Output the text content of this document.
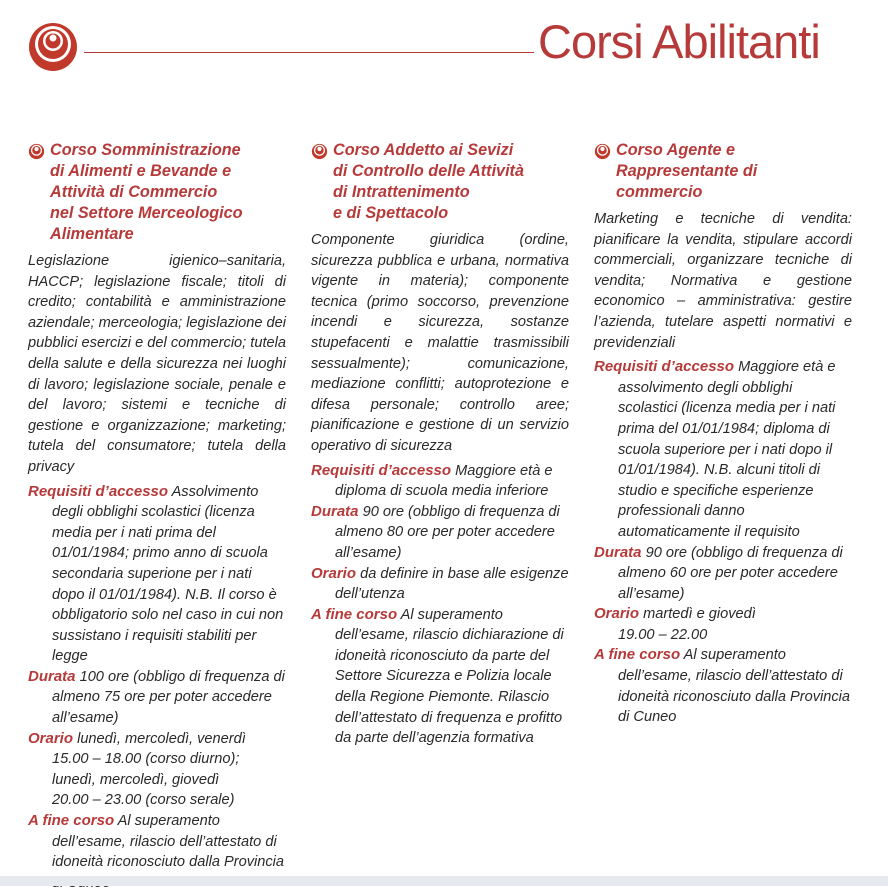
Corsi Abilitanti
Corso Somministrazione
di Alimenti e Bevande e
Attività di Commercio
nel Settore Merceologico
Alimentare

Legislazione igienico–sanitaria, HACCP; legislazione fiscale; titoli di credito; contabilità e amministrazione aziendale; merceologia; legislazione dei pubblici esercizi e del commercio; tutela della salute e della sicurezza nei luoghi di lavoro; legislazione sociale, penale e del lavoro; sistemi e tecniche di gestione e organizzazione; marketing; tutela del consumatore; tutela della privacy

Requisiti d’accesso Assolvimento degli obblighi scolastici (licenza media per i nati prima del 01/01/1984; primo anno di scuola secondaria superione per i nati dopo il 01/01/1984). N.B. Il corso è obbligatorio solo nel caso in cui non sussistano i requisiti stabiliti per legge

Durata 100 ore (obbligo di frequenza di almeno 75 ore per poter accedere all’esame)

Orario lunedì, mercoledì, venerdì
15.00 – 18.00 (corso diurno);
lunedì, mercoledì, giovedì
20.00 – 23.00 (corso serale)

A fine corso Al superamento dell’esame, rilascio dell’attestato di idoneità riconosciuto dalla Provincia

Corso Addetto ai Sevizi
di Controllo delle Attività
di Intrattenimento
e di Spettacolo

Componente giuridica (ordine, sicurezza pubblica e urbana, normativa vigente in materia); componente tecnica (primo soccorso, prevenzione incendi e sicurezza, sostanze stupefacenti e malattie trasmissibili sessualmente); comunicazione, mediazione conflitti; autoprotezione e difesa personale; controllo aree; pianificazione e gestione di un servizio operativo di sicurezza

Requisiti d’accesso Maggiore età e diploma di scuola media inferiore

Durata 90 ore (obbligo di frequenza di almeno 80 ore per poter accedere all’esame)

Orario da definire in base alle esigenze dell’utenza

A fine corso Al superamento dell’esame, rilascio dichiarazione di idoneità riconosciuto da parte del Settore Sicurezza e Polizia locale della Regione Piemonte. Rilascio dell’attestato di frequenza e profitto da parte dell’agenzia formativa

Corso Agente e
Rappresentante di
commercio

Marketing e tecniche di vendita: pianificare la vendita, stipulare accordi commerciali, organizzare tecniche di vendita; Normativa e gestione economico – amministrativa: gestire l’azienda, tutelare aspetti normativi e previdenziali

Requisiti d’accesso Maggiore età e assolvimento degli obblighi scolastici (licenza media per i nati prima del 01/01/1984; diploma di scuola superiore per i nati dopo il 01/01/1984). N.B. alcuni titoli di studio e specifiche esperienze professionali danno automaticamente il requisito

Durata 90 ore (obbligo di frequenza di almeno 60 ore per poter accedere all’esame)

Orario martedì e giovedì
19.00 – 22.00

A fine corso Al superamento dell’esame, rilascio dell’attestato di idoneità riconosciuto dalla Provincia di Cuneo
